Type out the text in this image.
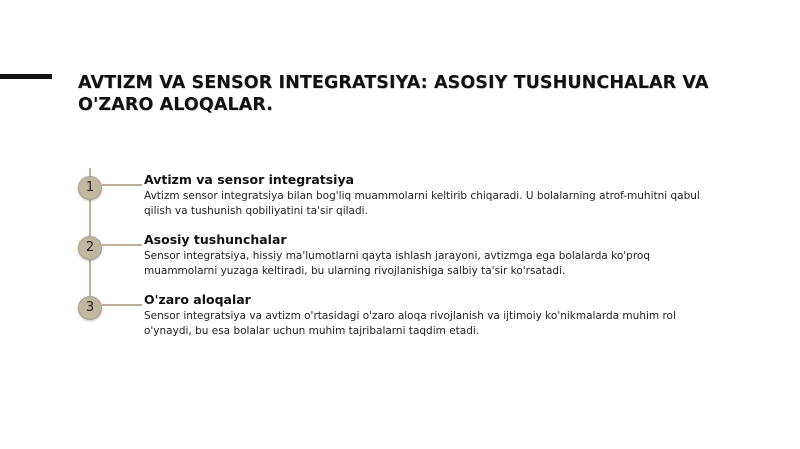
AVTIZM VA SENSOR INTEGRATSIYA: ASOSIY TUSHUNCHALAR VA O'ZARO ALOQALAR.
1
Avtizm va sensor integratsiya

Avtizm sensor integratsiya bilan bog'liq muammolarni keltirib chiqaradi. U bolalarning atrof-muhitni qabul qilish va tushunish qobiliyatini ta'sir qiladi.

2
Asosiy tushunchalar

Sensor integratsiya, hissiy ma'lumotlarni qayta ishlash jarayoni, avtizmga ega bolalarda ko'proq muammolarni yuzaga keltiradi, bu ularning rivojlanishiga salbiy ta'sir ko'rsatadi.

3
O'zaro aloqalar

Sensor integratsiya va avtizm o'rtasidagi o'zaro aloqa rivojlanish va ijtimoiy ko'nikmalarda muhim rol o'ynaydi, bu esa bolalar uchun muhim tajribalarni taqdim etadi.
